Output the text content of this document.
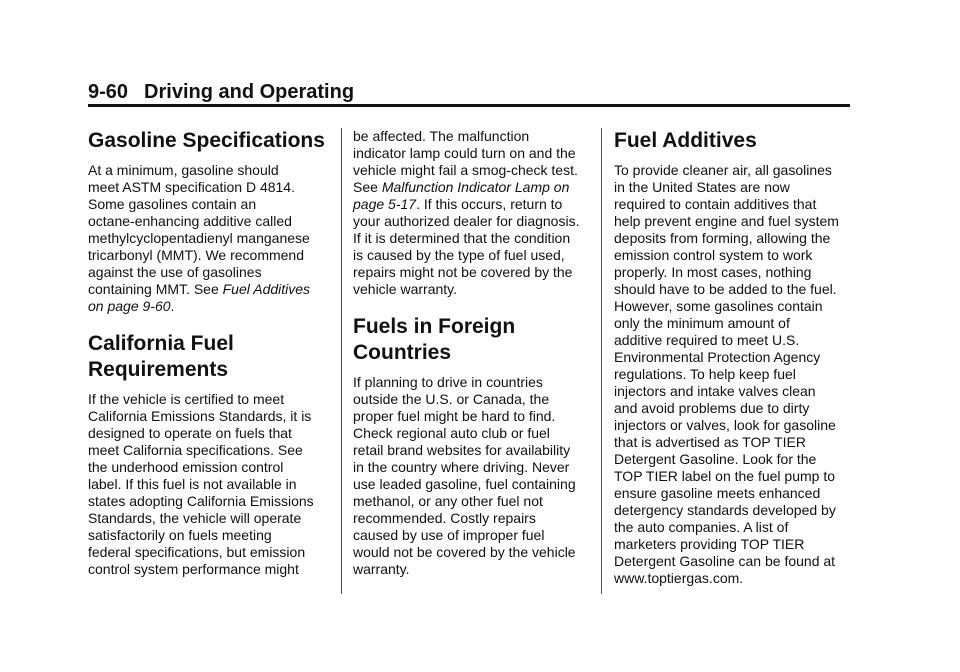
9-60 Driving and Operating
Gasoline Specifications

At a minimum, gasoline should
meet ASTM specification D 4814.
Some gasolines contain an
octane-enhancing additive called
methylcyclopentadienyl manganese
tricarbonyl (MMT). We recommend
against the use of gasolines
containing MMT. See Fuel Additives
on page 9-60.

California Fuel
Requirements

If the vehicle is certified to meet
California Emissions Standards, it is
designed to operate on fuels that
meet California specifications. See
the underhood emission control
label. If this fuel is not available in
states adopting California Emissions
Standards, the vehicle will operate
satisfactorily on fuels meeting
federal specifications, but emission
control system performance might

be affected. The malfunction
indicator lamp could turn on and the
vehicle might fail a smog-check test.
See Malfunction Indicator Lamp on
page 5-17. If this occurs, return to
your authorized dealer for diagnosis.
If it is determined that the condition
is caused by the type of fuel used,
repairs might not be covered by the
vehicle warranty.

Fuels in Foreign
Countries

If planning to drive in countries
outside the U.S. or Canada, the
proper fuel might be hard to find.
Check regional auto club or fuel
retail brand websites for availability
in the country where driving. Never
use leaded gasoline, fuel containing
methanol, or any other fuel not
recommended. Costly repairs
caused by use of improper fuel
would not be covered by the vehicle
warranty.

Fuel Additives

To provide cleaner air, all gasolines
in the United States are now
required to contain additives that
help prevent engine and fuel system
deposits from forming, allowing the
emission control system to work
properly. In most cases, nothing
should have to be added to the fuel.
However, some gasolines contain
only the minimum amount of
additive required to meet U.S.
Environmental Protection Agency
regulations. To help keep fuel
injectors and intake valves clean
and avoid problems due to dirty
injectors or valves, look for gasoline
that is advertised as TOP TIER
Detergent Gasoline. Look for the
TOP TIER label on the fuel pump to
ensure gasoline meets enhanced
detergency standards developed by
the auto companies. A list of
marketers providing TOP TIER
Detergent Gasoline can be found at
www.toptiergas.com.
